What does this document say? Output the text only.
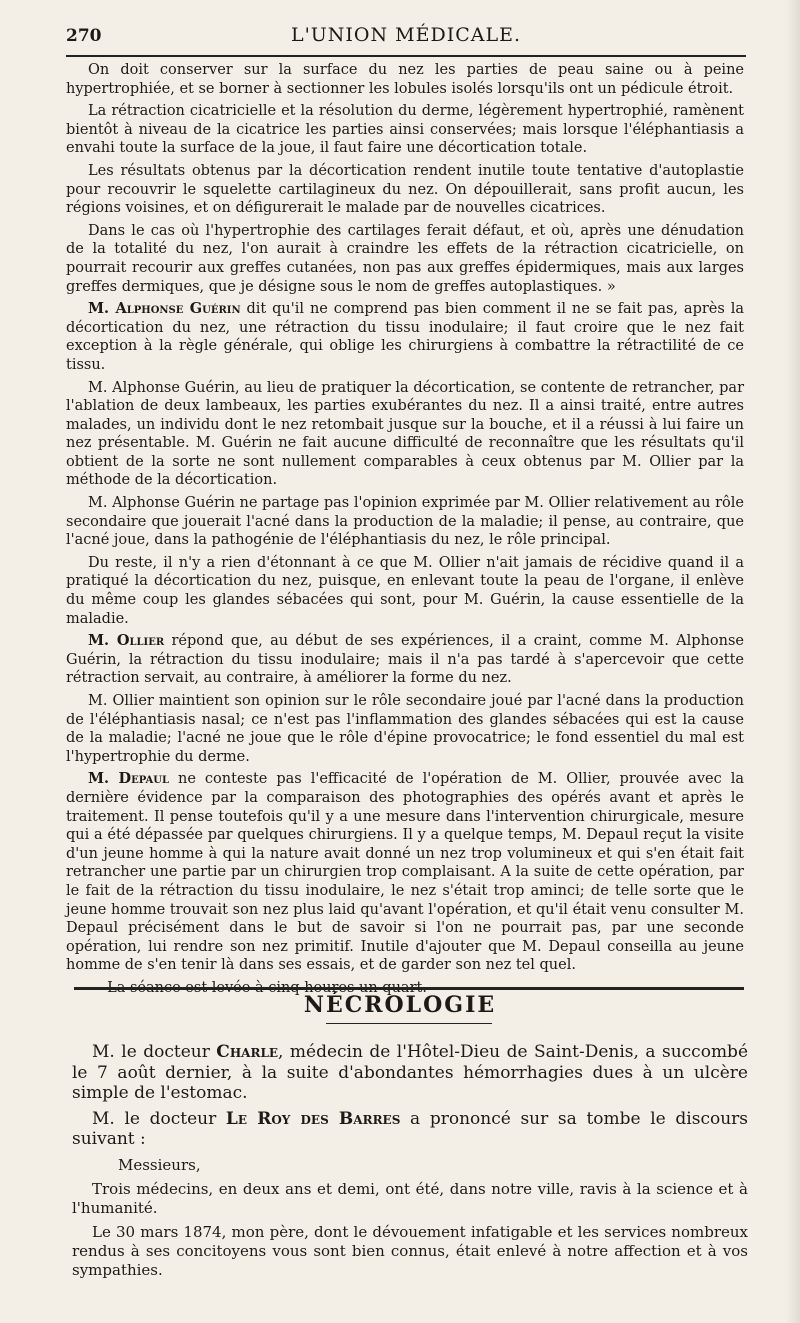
270	L'UNION MÉDICALE.

On doit conserver sur la surface du nez les parties de peau saine ou à peine hypertrophiée, et se borner à sectionner les lobules isolés lorsqu'ils ont un pédicule étroit.

La rétraction cicatricielle et la résolution du derme, légèrement hypertrophié, ramènent bientôt à niveau de la cicatrice les parties ainsi conservées; mais lorsque l'éléphantiasis a envahi toute la surface de la joue, il faut faire une décortication totale.

Les résultats obtenus par la décortication rendent inutile toute tentative d'autoplastie pour recouvrir le squelette cartilagineux du nez. On dépouillerait, sans profit aucun, les régions voisines, et on défigurerait le malade par de nouvelles cicatrices.

Dans le cas où l'hypertrophie des cartilages ferait défaut, et où, après une dénudation de la totalité du nez, l'on aurait à craindre les effets de la rétraction cicatricielle, on pourrait recourir aux greffes cutanées, non pas aux greffes épidermiques, mais aux larges greffes dermiques, que je désigne sous le nom de greffes autoplastiques. »

M. Alphonse Guérin dit qu'il ne comprend pas bien comment il ne se fait pas, après la décortication du nez, une rétraction du tissu inodulaire; il faut croire que le nez fait exception à la règle générale, qui oblige les chirurgiens à combattre la rétractilité de ce tissu.

M. Alphonse Guérin, au lieu de pratiquer la décortication, se contente de retrancher, par l'ablation de deux lambeaux, les parties exubérantes du nez. Il a ainsi traité, entre autres malades, un individu dont le nez retombait jusque sur la bouche, et il a réussi à lui faire un nez présentable. M. Guérin ne fait aucune difficulté de reconnaître que les résultats qu'il obtient de la sorte ne sont nullement comparables à ceux obtenus par M. Ollier par la méthode de la décortication.

M. Alphonse Guérin ne partage pas l'opinion exprimée par M. Ollier relativement au rôle secondaire que jouerait l'acné dans la production de la maladie; il pense, au contraire, que l'acné joue, dans la pathogénie de l'éléphantiasis du nez, le rôle principal.

Du reste, il n'y a rien d'étonnant à ce que M. Ollier n'ait jamais de récidive quand il a pratiqué la décortication du nez, puisque, en enlevant toute la peau de l'organe, il enlève du même coup les glandes sébacées qui sont, pour M. Guérin, la cause essentielle de la maladie.

M. Ollier répond que, au début de ses expériences, il a craint, comme M. Alphonse Guérin, la rétraction du tissu inodulaire; mais il n'a pas tardé à s'apercevoir que cette rétraction servait, au contraire, à améliorer la forme du nez.

M. Ollier maintient son opinion sur le rôle secondaire joué par l'acné dans la production de l'éléphantiasis nasal; ce n'est pas l'inflammation des glandes sébacées qui est la cause de la maladie; l'acné ne joue que le rôle d'épine provocatrice; le fond essentiel du mal est l'hypertrophie du derme.

M. Depaul ne conteste pas l'efficacité de l'opération de M. Ollier, prouvée avec la dernière évidence par la comparaison des photographies des opérés avant et après le traitement. Il pense toutefois qu'il y a une mesure dans l'intervention chirurgicale, mesure qui a été dépassée par quelques chirurgiens. Il y a quelque temps, M. Depaul reçut la visite d'un jeune homme à qui la nature avait donné un nez trop volumineux et qui s'en était fait retrancher une partie par un chirurgien trop complaisant. A la suite de cette opération, par le fait de la rétraction du tissu inodulaire, le nez s'était trop aminci; de telle sorte que le jeune homme trouvait son nez plus laid qu'avant l'opération, et qu'il était venu consulter M. Depaul précisément dans le but de savoir si l'on ne pourrait pas, par une seconde opération, lui rendre son nez primitif. Inutile d'ajouter que M. Depaul conseilla au jeune homme de s'en tenir là dans ses essais, et de garder son nez tel quel.

NÉCROLOGIE

M. le docteur Charle, médecin de l'Hôtel-Dieu de Saint-Denis, a succombé le 7 août dernier, à la suite d'abondantes hémorrhagies dues à un ulcère simple de l'estomac.

M. le docteur Le Roy des Barres a prononcé sur sa tombe le discours suivant :

Messieurs,

Trois médecins, en deux ans et demi, ont été, dans notre ville, ravis à la science et à l'humanité.

Le 30 mars 1874, mon père, dont le dévouement infatigable et les services nombreux rendus à ses concitoyens vous sont bien connus, était enlevé à notre affection et à vos sympathies.
